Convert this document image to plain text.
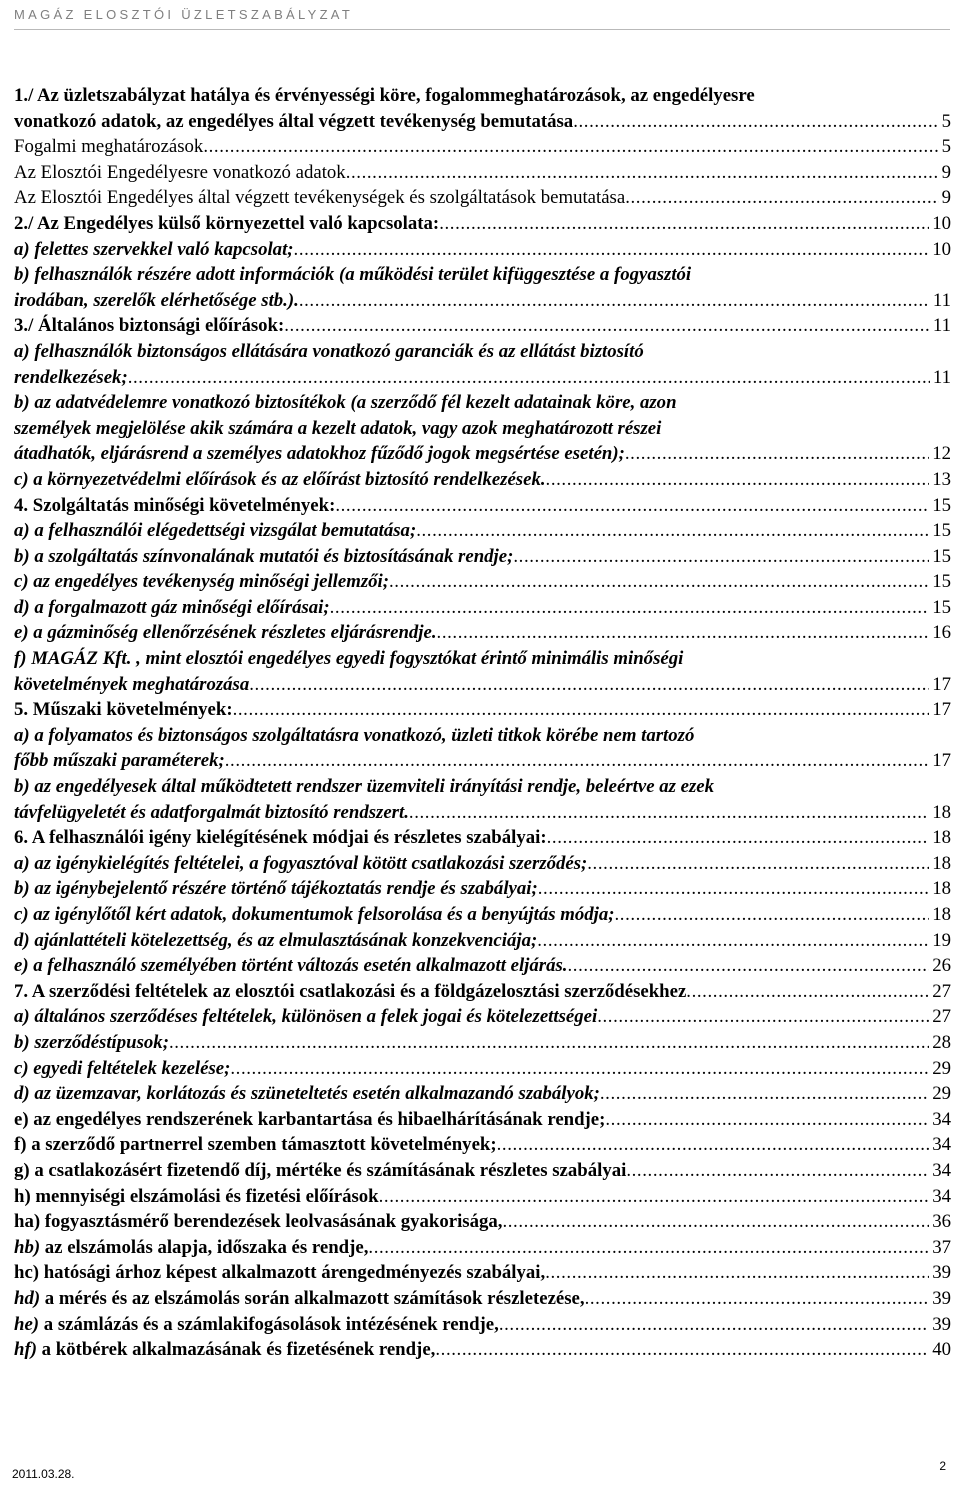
MAGÁZ ELOSZTÓI ÜZLETSZABÁLYZAT
1./ Az üzletszabályzat hatálya és érvényességi köre, fogalommeghatározások, az engedélyesre
vonatkozó adatok, az engedélyes által végzett tevékenység bemutatása .....	5
Fogalmi meghatározások .....	5
Az Elosztói Engedélyesre vonatkozó adatok .....	9
Az Elosztói Engedélyes által végzett tevékenységek és szolgáltatások bemutatása .....	9
2./ Az Engedélyes külső környezettel való kapcsolata: .....	10
a) felettes szervekkel való kapcsolat; .....	10
b) felhasználók részére adott információk (a működési terület kifüggesztése a fogyasztói
irodában, szerelők elérhetősége stb.). .....	11
3./ Általános biztonsági előírások: .....	11
a) felhasználók biztonságos ellátására vonatkozó garanciák és az ellátást biztosító
rendelkezések; .....	11
b) az adatvédelemre vonatkozó biztosítékok (a szerződő fél kezelt adatainak köre, azon
személyek megjelölése akik számára a kezelt adatok, vagy azok meghatározott részei
átadhatók, eljárásrend a személyes adatokhoz fűződő jogok megsértése esetén); .....	12
c) a környezetvédelmi előírások és az előírást biztosító rendelkezések. .....	13
4. Szolgáltatás minőségi követelmények: .....	15
a) a felhasználói elégedettségi vizsgálat bemutatása; .....	15
b) a szolgáltatás színvonalának mutatói és biztosításának rendje; .....	15
c) az engedélyes tevékenység minőségi jellemzői; .....	15
d) a forgalmazott gáz minőségi előírásai; .....	15
e) a gázminőség ellenőrzésének részletes eljárásrendje. .....	16
f) MAGÁZ Kft. , mint elosztói engedélyes egyedi fogysztókat érintő minimális minőségi
követelmények meghatározása .....	17
5. Műszaki követelmények: .....	17
a) a folyamatos és biztonságos szolgáltatásra vonatkozó, üzleti titkok körébe nem tartozó
főbb műszaki paraméterek; .....	17
b) az engedélyesek által működtetett rendszer üzemviteli irányítási rendje, beleértve az ezek
távfelügyeletét és adatforgalmát biztosító rendszert. .....	18
6. A felhasználói igény kielégítésének módjai és részletes szabályai: .....	18
a) az igénykielégítés feltételei, a fogyasztóval kötött csatlakozási szerződés; .....	18
b) az igénybejelentő részére történő tájékoztatás rendje és szabályai; .....	18
c) az igénylőtől kért adatok, dokumentumok felsorolása és a benyújtás módja; .....	18
d) ajánlattételi kötelezettség, és az elmulasztásának konzekvenciája; .....	19
e) a felhasználó személyében történt változás esetén alkalmazott eljárás. .....	26
7. A szerződési feltételek az elosztói csatlakozási és a földgázelosztási szerződésekhez .....	27
a) általános szerződéses feltételek, különösen a felek jogai és kötelezettségei .....	27
b) szerződéstípusok; .....	28
c) egyedi feltételek kezelése; .....	29
d) az üzemzavar, korlátozás és szüneteltetés esetén alkalmazandó szabályok; .....	29
e) az engedélyes rendszerének karbantartása és hibaelhárításának rendje; .....	34
f) a szerződő partnerrel szemben támasztott követelmények; .....	34
g) a csatlakozásért fizetendő díj, mértéke és számításának részletes szabályai .....	34
h) mennyiségi elszámolási és fizetési előírások .....	34
ha) fogyasztásmérő berendezések leolvasásának gyakorisága, .....	36
hb) az elszámolás alapja, időszaka és rendje, .....	37
hc) hatósági árhoz képest alkalmazott árengedményezés szabályai, .....	39
hd) a mérés és az elszámolás során alkalmazott számítások részletezése, .....	39
he) a számlázás és a számlakifogásolások intézésének rendje, .....	39
hf) a kötbérek alkalmazásának és fizetésének rendje, .....	40
2011.03.28.
2
